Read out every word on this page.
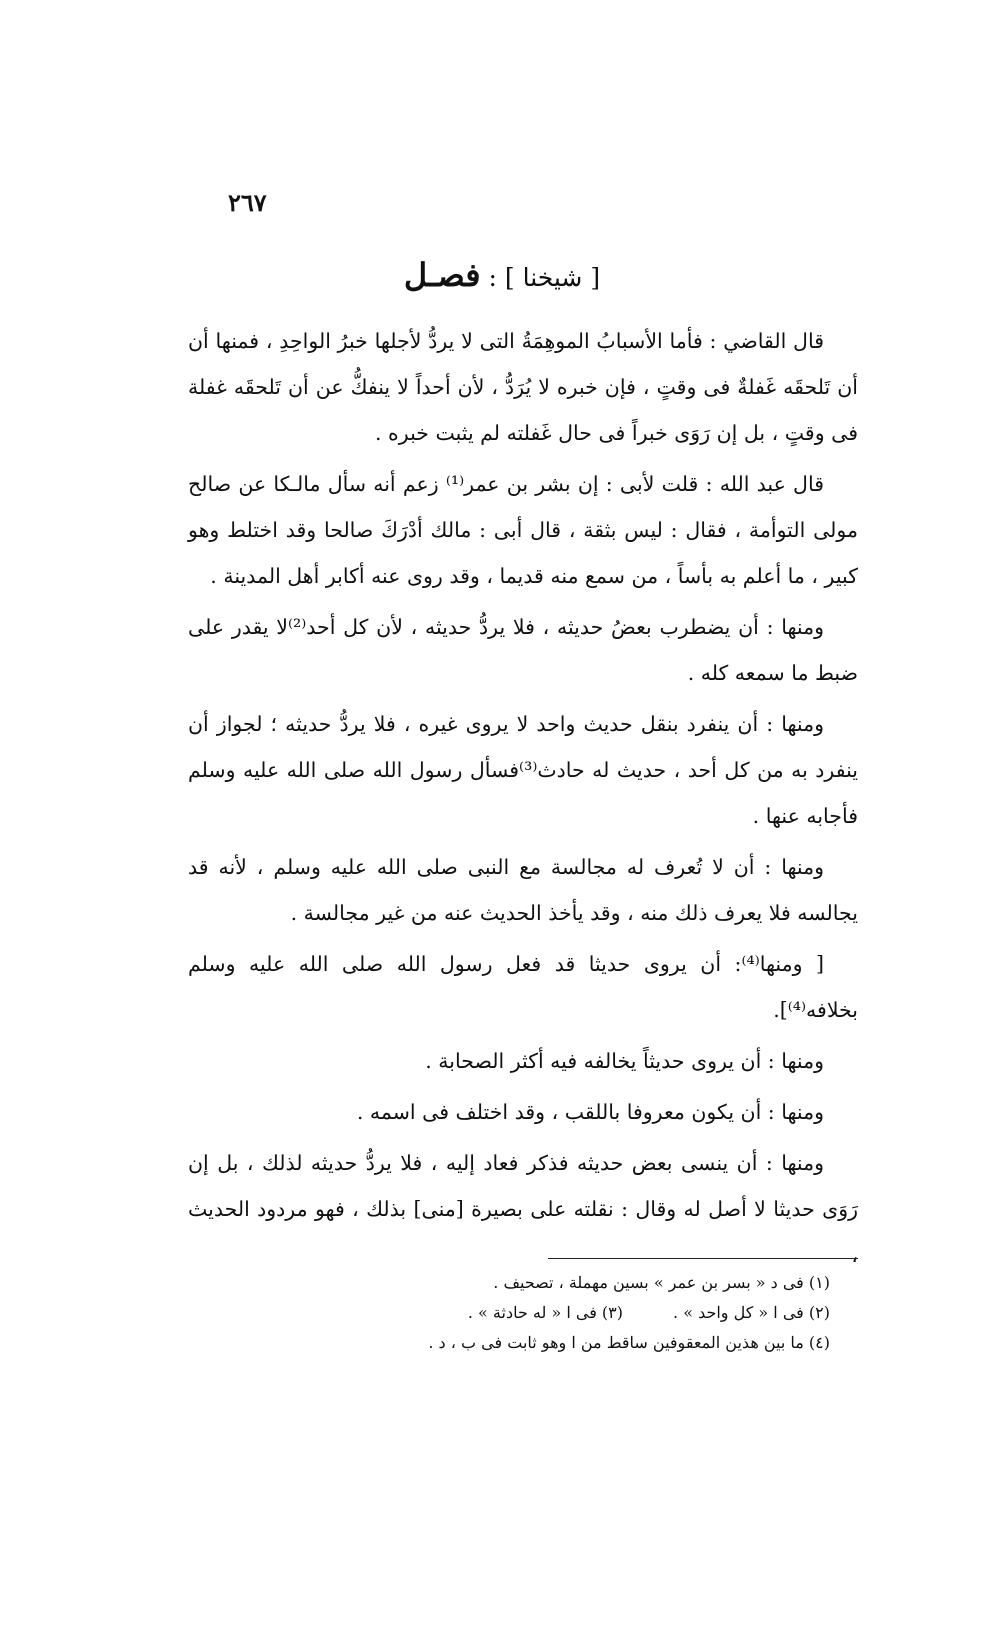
٢٦٧
[ شيخنا ] : فصـل

قال القاضي : فأما الأسبابُ الموهِمَةُ التى لا يردُّ لأجلها خبرُ الواحِدِ ، فمنها أن أن تَلحقَه غَفلةٌ فى وقتٍ ، فإن خبره لا يُرَدُّ ، لأن أحداً لا ينفكُّ عن أن تَلحقَه غفلة فى وقتٍ ، بل إن رَوَى خبراً فى حال غَفلته لم يثبت خبره .

قال عبد الله : قلت لأبى : إن بشر بن عمر⁽¹⁾ زعم أنه سأل مالـكا عن صالح مولى التوأمة ، فقال : ليس بثقة ، قال أبى : مالك أدْرَكَ صالحا وقد اختلط وهو كبير ، ما أعلم به بأساً ، من سمع منه قديما ، وقد روى عنه أكابر أهل المدينة .

ومنها : أن يضطرب بعضُ حديثه ، فلا يردُّ حديثه ، لأن كل أحد⁽²⁾لا يقدر على ضبط ما سمعه كله .

ومنها : أن ينفرد بنقل حديث واحد لا يروى غيره ، فلا يردُّ حديثه ؛ لجواز أن ينفرد به من كل أحد ، حديث له حادث⁽³⁾فسأل رسول الله صلى الله عليه وسلم فأجابه عنها .

ومنها : أن لا تُعرف له مجالسة مع النبى صلى الله عليه وسلم ، لأنه قد يجالسه فلا يعرف ذلك منه ، وقد يأخذ الحديث عنه من غير مجالسة .

[ ومنها⁽⁴⁾: أن يروى حديثا قد فعل رسول الله صلى الله عليه وسلم بخلافه⁽⁴⁾].

ومنها : أن يروى حديثاً يخالفه فيه أكثر الصحابة .

ومنها : أن يكون معروفا باللقب ، وقد اختلف فى اسمه .

ومنها : أن ينسى بعض حديثه فذكر فعاد إليه ، فلا يردُّ حديثه لذلك ، بل إن رَوَى حديثا لا أصل له وقال : نقلته على بصيرة [منى] بذلك ، فهو مردود الحديث ،

(١) فى د « بسر بن عمر » بسين مهملة ، تصحيف .
(٢) فى ا « كل واحد » .
(٣) فى ا « له حادثة » .
(٤) ما بين هذين المعقوفين ساقط من ا وهو ثابت فى ب ، د .
